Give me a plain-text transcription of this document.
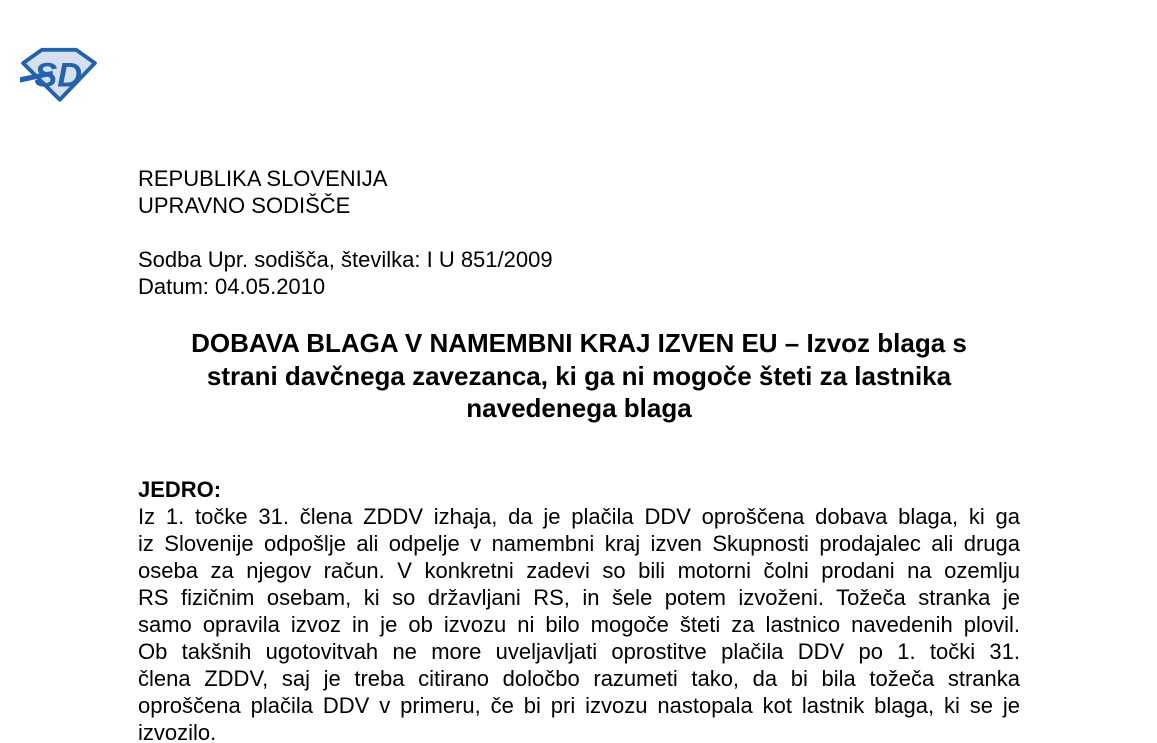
SD
REPUBLIKA SLOVENIJA
UPRAVNO SODIŠČE
Sodba Upr. sodišča, številka: I U 851/2009
Datum: 04.05.2010
DOBAVA BLAGA V NAMEMBNI KRAJ IZVEN EU – Izvoz blaga s
strani davčnega zavezanca, ki ga ni mogoče šteti za lastnika
navedenega blaga
JEDRO:
Iz 1. točke 31. člena ZDDV izhaja, da je plačila DDV oproščena dobava blaga, ki ga
iz Slovenije odpošlje ali odpelje v namembni kraj izven Skupnosti prodajalec ali druga
oseba za njegov račun. V konkretni zadevi so bili motorni čolni prodani na ozemlju
RS fizičnim osebam, ki so državljani RS, in šele potem izvoženi. Tožeča stranka je
samo opravila izvoz in je ob izvozu ni bilo mogoče šteti za lastnico navedenih plovil.
Ob takšnih ugotovitvah ne more uveljavljati oprostitve plačila DDV po 1. točki 31.
člena ZDDV, saj je treba citirano določbo razumeti tako, da bi bila tožeča stranka
oproščena plačila DDV v primeru, če bi pri izvozu nastopala kot lastnik blaga, ki se je
izvozilo.
